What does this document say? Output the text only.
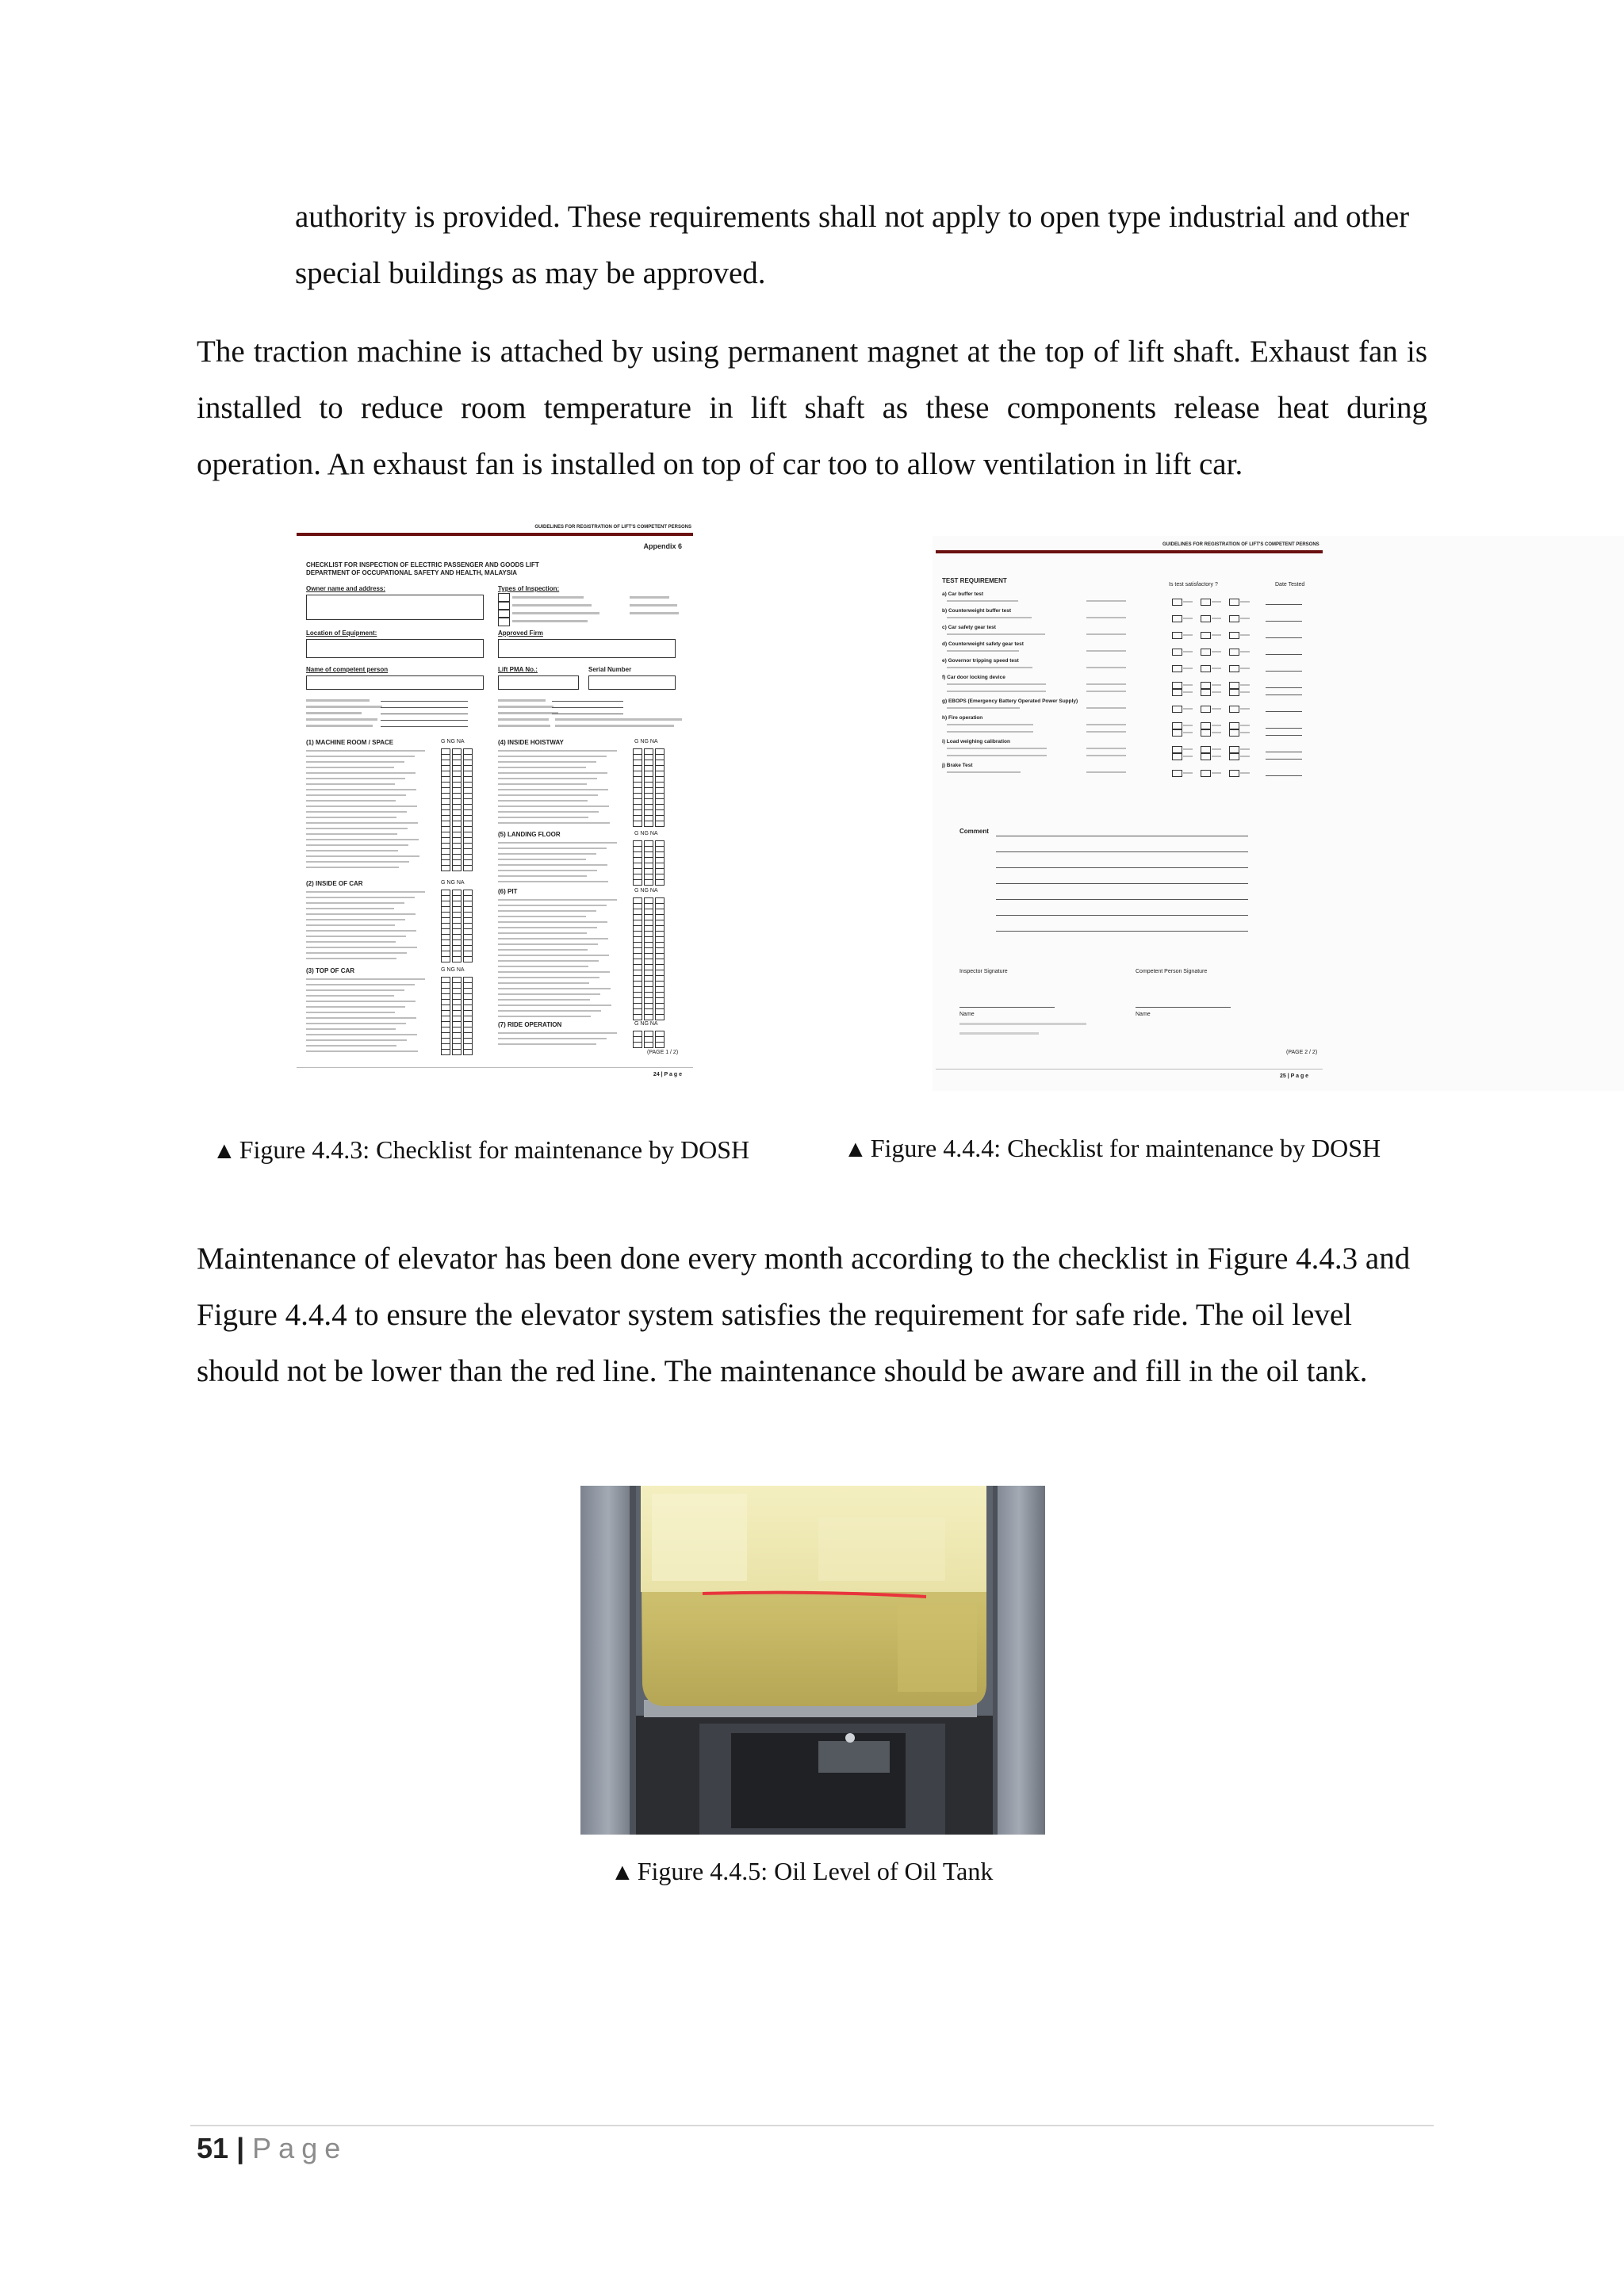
authority is provided. These requirements shall not apply to open type industrial and other special buildings as may be approved.

The traction machine is attached by using permanent magnet at the top of lift shaft. Exhaust fan is installed to reduce room temperature in lift shaft as these components release heat during operation. An exhaust fan is installed on top of car too to allow ventilation in lift car.

GUIDELINES FOR REGISTRATION OF LIFT'S COMPETENT PERSONS
Appendix 6
CHECKLIST FOR INSPECTION OF ELECTRIC PASSENGER AND GOODS LIFT
DEPARTMENT OF OCCUPATIONAL SAFETY AND HEALTH, MALAYSIA
Owner name and address:	Types of Inspection:
Location of Equipment:	Approved Firm
Name of competent person	Lift PMA No.:	Serial Number
(1) MACHINE ROOM / SPACE	G NG NA	(4) INSIDE HOISTWAY	G NG NA
(2) INSIDE OF CAR	G NG NA
(5) LANDING FLOOR	G NG NA
(6) PIT	G NG NA
(3) TOP OF CAR	G NG NA
(7) RIDE OPERATION	G NG NA
(PAGE 1 / 2)
24 | P a g e
GUIDELINES FOR REGISTRATION OF LIFT'S COMPETENT PERSONS
TEST REQUIREMENT
Is test satisfactory ?	Date Tested
a) Car buffer test
b) Counterweight buffer test
c) Car safety gear test
d) Counterweight safety gear test
e) Governor tripping speed test
f) Car door locking device
g) EBOPS (Emergency Battery Operated Power Supply)
h) Fire operation
i) Load weighing calibration
j) Brake Test
Comment
Inspector Signature	Competent Person Signature
Name	Name
(PAGE 2 / 2)
25 | P a g e
▲ Figure 4.4.3: Checklist for maintenance by DOSH	▲ Figure 4.4.4: Checklist for maintenance by DOSH

Maintenance of elevator has been done every month according to the checklist in Figure 4.4.3 and Figure 4.4.4 to ensure the elevator system satisfies the requirement for safe ride. The oil level should not be lower than the red line. The maintenance should be aware and fill in the oil tank.

▲ Figure 4.4.5: Oil Level of Oil Tank
51 | Page
